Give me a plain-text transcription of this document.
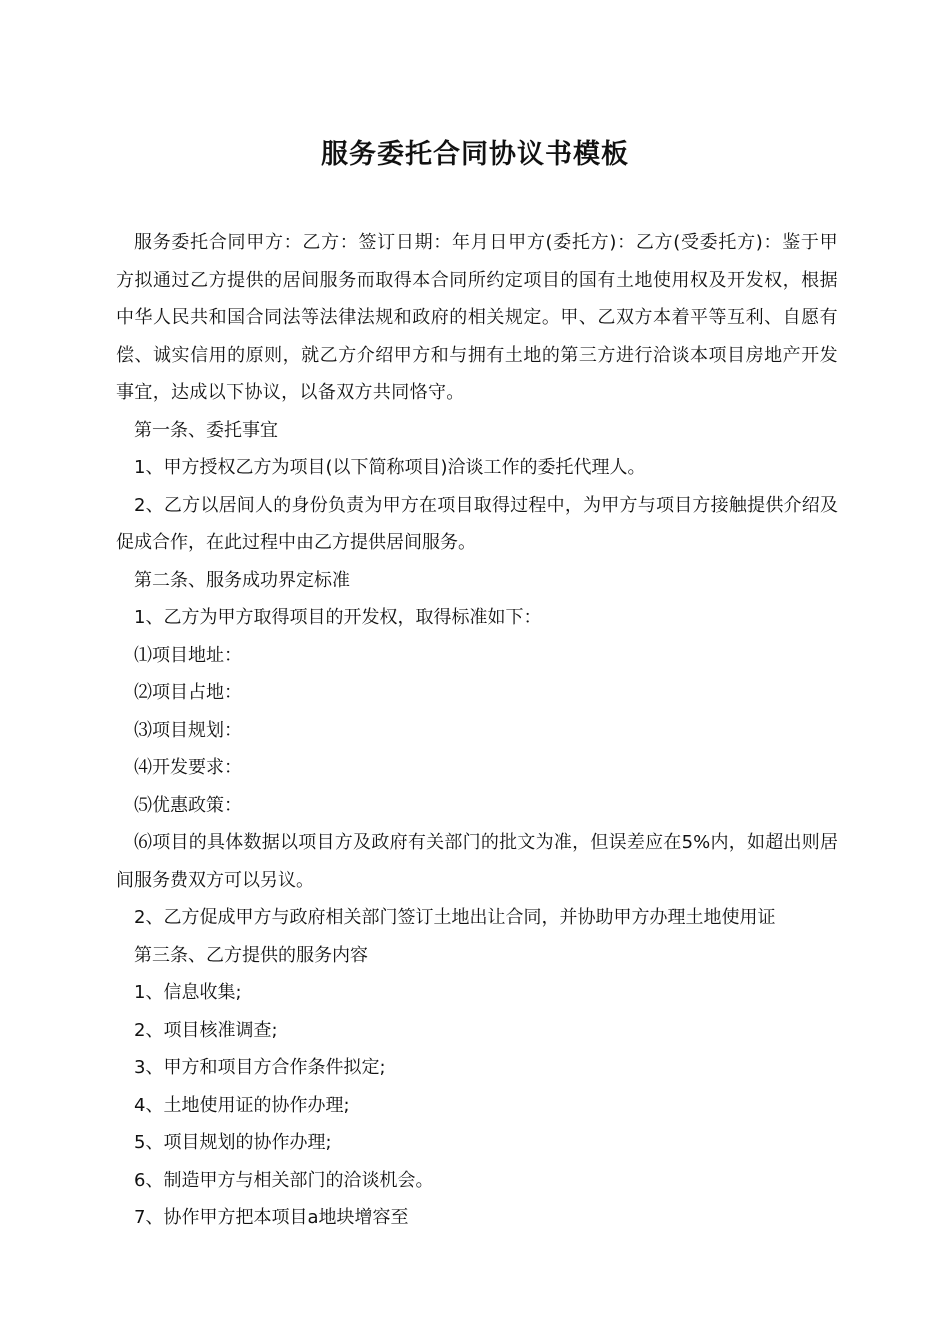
服务委托合同协议书模板

服务委托合同甲方：乙方：签订日期：年月日甲方(委托方)：乙方(受委托方)：鉴于甲方拟通过乙方提供的居间服务而取得本合同所约定项目的国有土地使用权及开发权，根据中华人民共和国合同法等法律法规和政府的相关规定。甲、乙双方本着平等互利、自愿有偿、诚实信用的原则，就乙方介绍甲方和与拥有土地的第三方进行洽谈本项目房地产开发事宜，达成以下协议，以备双方共同恪守。

第一条、委托事宜

1、甲方授权乙方为项目(以下简称项目)洽谈工作的委托代理人。

2、乙方以居间人的身份负责为甲方在项目取得过程中，为甲方与项目方接触提供介绍及促成合作，在此过程中由乙方提供居间服务。

第二条、服务成功界定标准

1、乙方为甲方取得项目的开发权，取得标准如下：

⑴项目地址：

⑵项目占地：

⑶项目规划：

⑷开发要求：

⑸优惠政策：

⑹项目的具体数据以项目方及政府有关部门的批文为准，但误差应在5%内，如超出则居间服务费双方可以另议。

2、乙方促成甲方与政府相关部门签订土地出让合同，并协助甲方办理土地使用证

第三条、乙方提供的服务内容

1、信息收集;

2、项目核准调查;

3、甲方和项目方合作条件拟定;

4、土地使用证的协作办理;

5、项目规划的协作办理;

6、制造甲方与相关部门的洽谈机会。

7、协作甲方把本项目a地块增容至
